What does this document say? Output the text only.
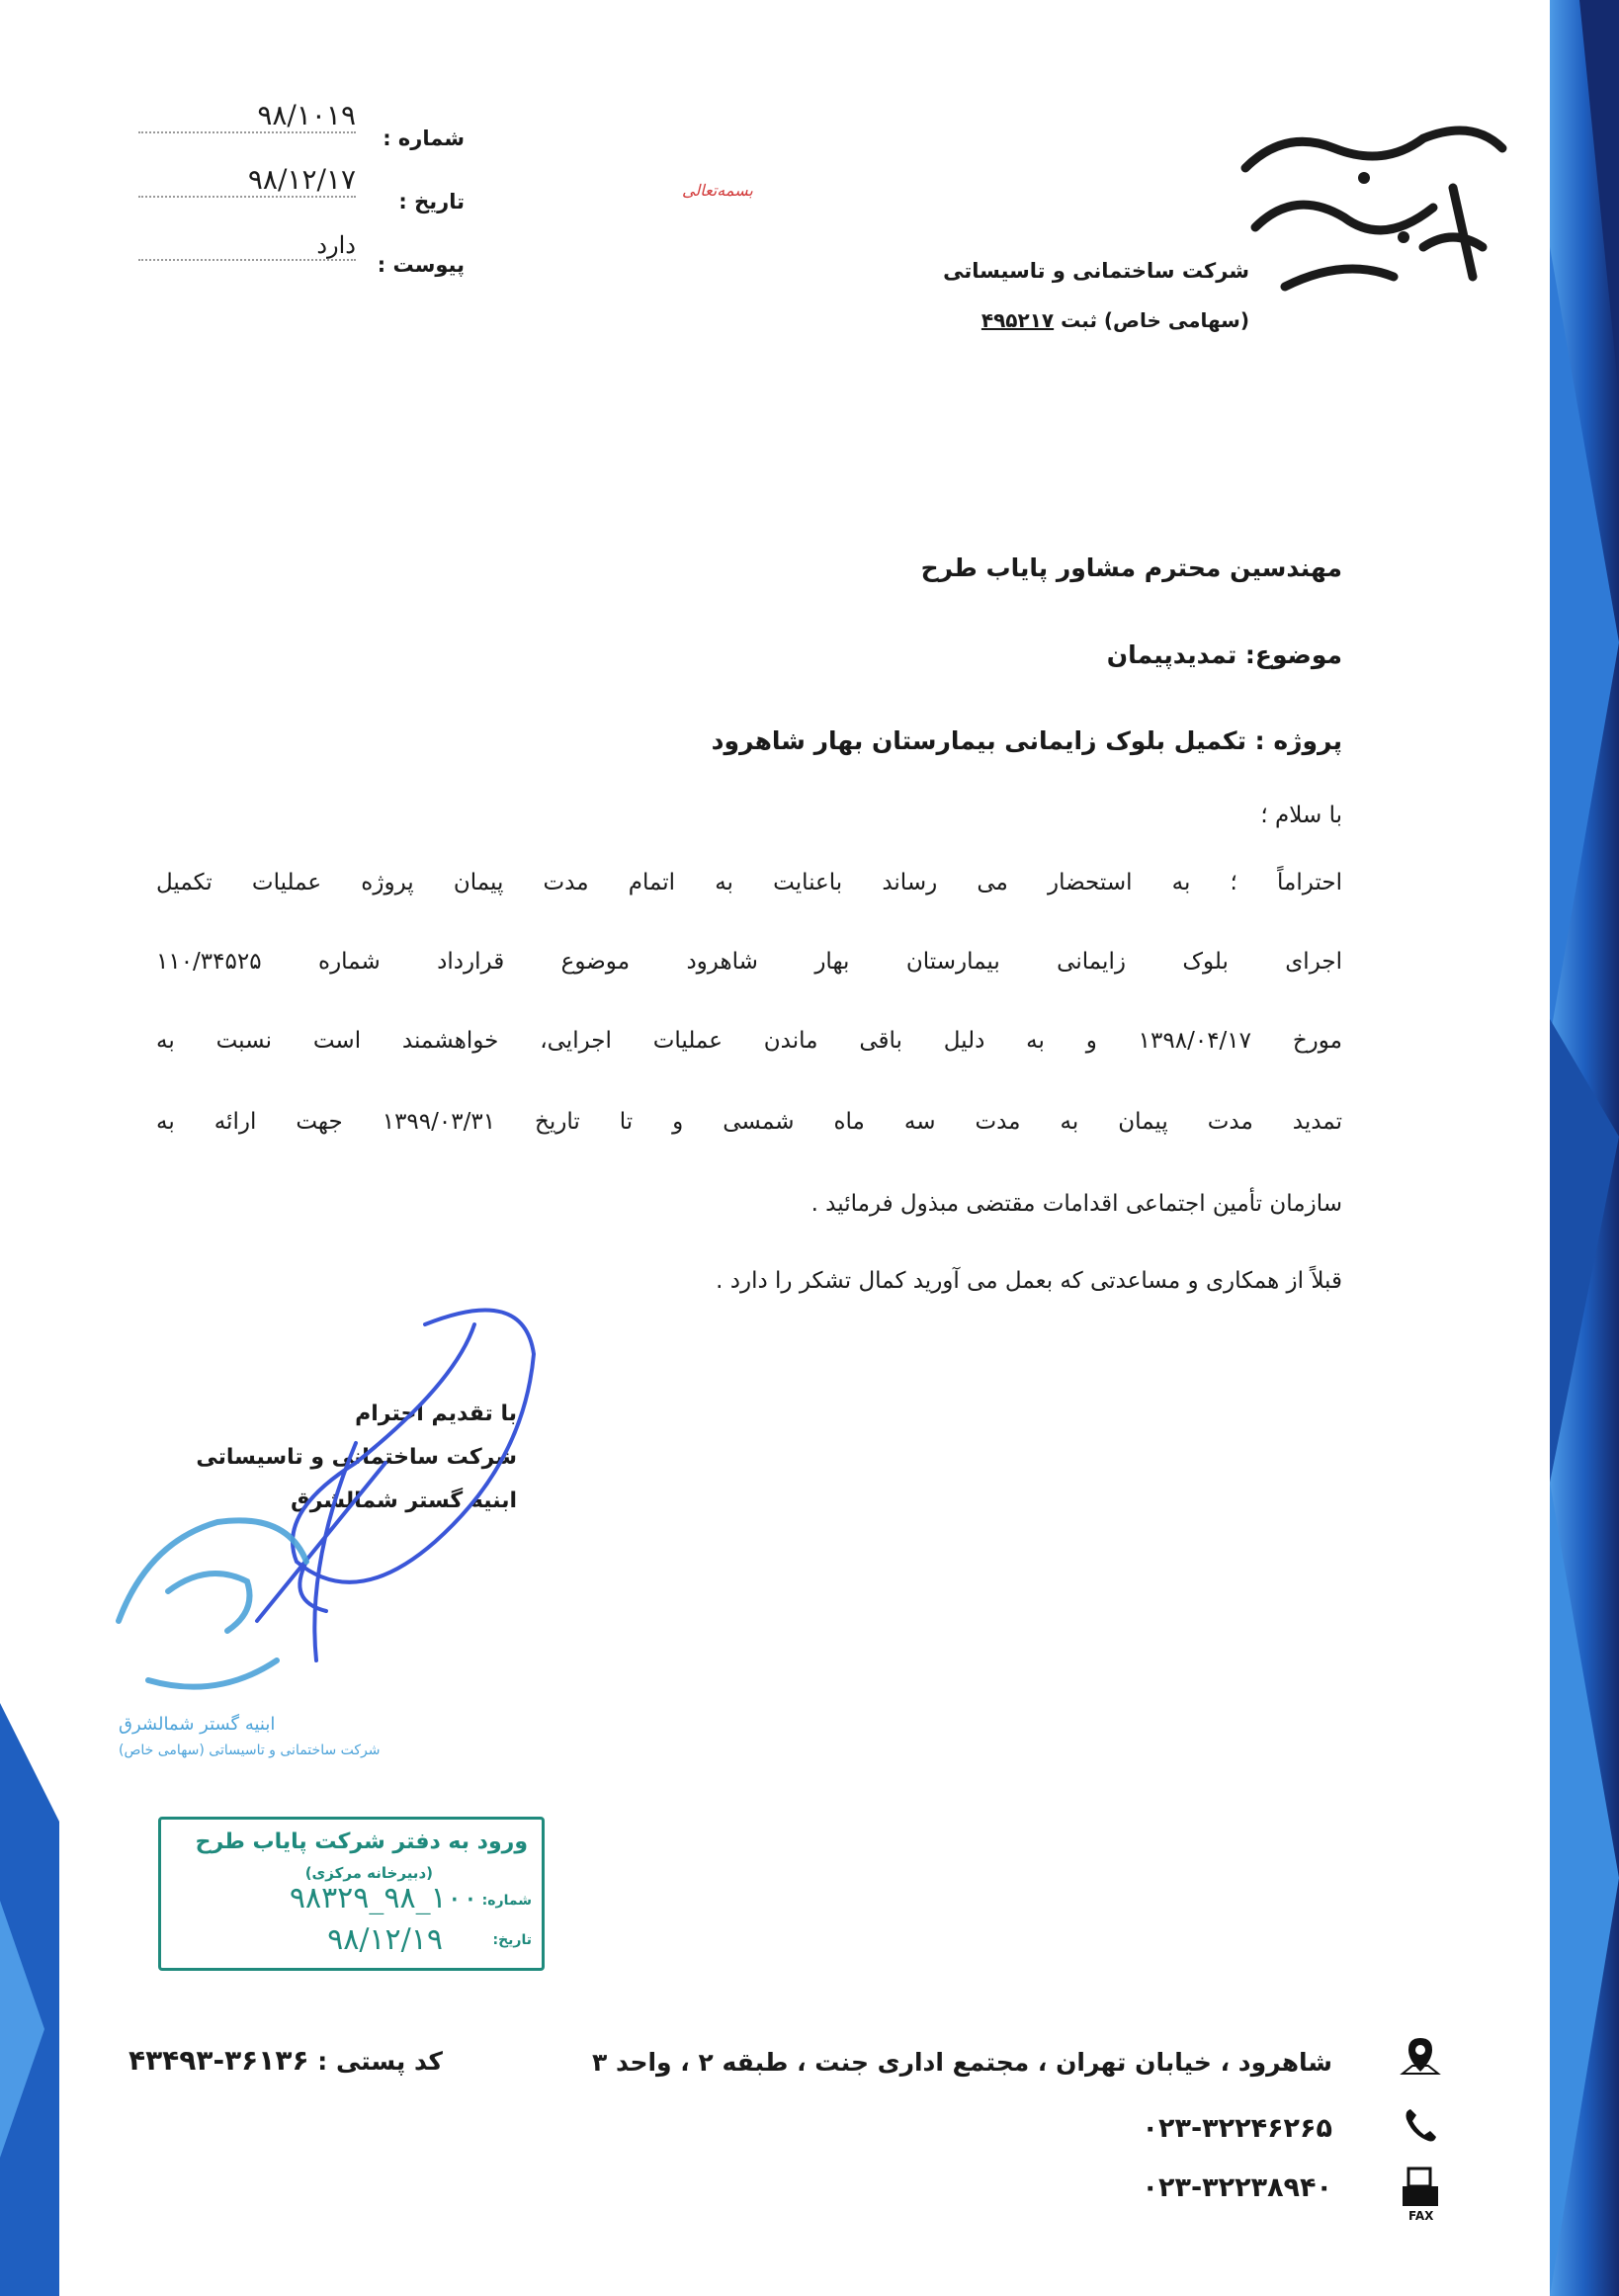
شرکت ساختمانی و تاسیساتی
(سهامی خاص) ثبت ۴۹۵۲۱۷
بسمه‌تعالی
شماره :
۹۸/۱۰۱۹
تاریخ :
۹۸/۱۲/۱۷
پیوست :
دارد
مهندسین محترم مشاور پایاب طرح
موضوع: تمدیدپیمان
پروژه : تکمیل بلوک زایمانی بیمارستان بهار شاهرود
با سلام ؛
احتراماً ؛ به استحضار می رساند باعنایت به اتمام مدت پیمان پروژه عملیات تکمیل
اجرای بلوک زایمانی بیمارستان بهار شاهرود موضوع قرارداد شماره ۱۱۰/۳۴۵۲۵
مورخ ۱۳۹۸/۰۴/۱۷ و به دلیل باقی ماندن عملیات اجرایی، خواهشمند است نسبت به
تمدید مدت پیمان به مدت سه ماه شمسی و تا تاریخ ۱۳۹۹/۰۳/۳۱ جهت ارائه به
سازمان تأمین اجتماعی اقدامات مقتضی مبذول فرمائید .
قبلاً از همکاری و مساعدتی که بعمل می آورید کمال تشکر را دارد .
با تقدیم احترام
شرکت ساختمانی و تاسیساتی
ابنیه گستر شمالشرق
ابنیه گستر شمالشرق
شرکت ساختمانی و تاسیساتی (سهامی خاص)
ورود به دفتر شرکت پایاب طرح
(دبیرخانه مرکزی)
شماره:
۱۰۰_۹۸_۹۸۳۲۹
تاریخ:
۹۸/۱۲/۱۹
کد پستی : ۳۶۱۳۶-۴۳۴۹۳	شاهرود ، خیابان تهران ، مجتمع اداری جنت ، طبقه ۲ ، واحد ۳
۰۲۳-۳۲۲۴۶۲۶۵
۰۲۳-۳۲۲۳۸۹۴۰
FAX
